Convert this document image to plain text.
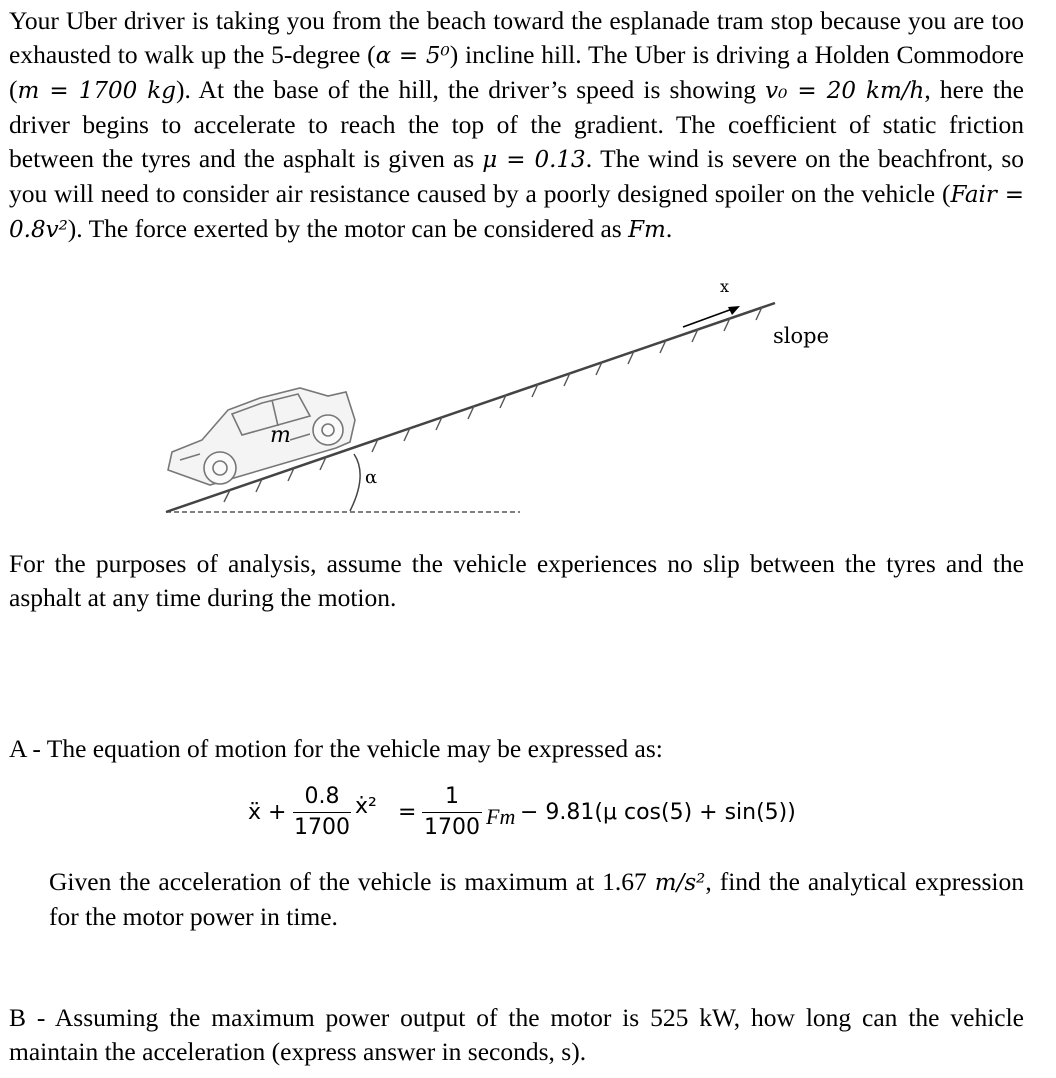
Your Uber driver is taking you from the beach toward the esplanade tram stop because you are too exhausted to walk up the 5-degree (α = 5⁰) incline hill. The Uber is driving a Holden Commodore (m = 1700 kg). At the base of the hill, the driver’s speed is showing v₀ = 20 km/h, here the driver begins to accelerate to reach the top of the gradient. The coefficient of static friction between the tyres and the asphalt is given as μ = 0.13. The wind is severe on the beachfront, so you will need to consider air resistance caused by a poorly designed spoiler on the vehicle (Fair = 0.8v²). The force exerted by the motor can be considered as Fm.
x
slope
m
α
For the purposes of analysis, assume the vehicle experiences no slip between the tyres and the asphalt at any time during the motion.
A - The equation of motion for the vehicle may be expressed as:
ẍ +
0.8
1700
ẋ² =
1
1700 Fm − 9.81(μ cos(5) + sin(5))
Given the acceleration of the vehicle is maximum at 1.67 m/s², find the analytical expression for the motor power in time.
B - Assuming the maximum power output of the motor is 525 kW, how long can the vehicle maintain the acceleration (express answer in seconds, s).
